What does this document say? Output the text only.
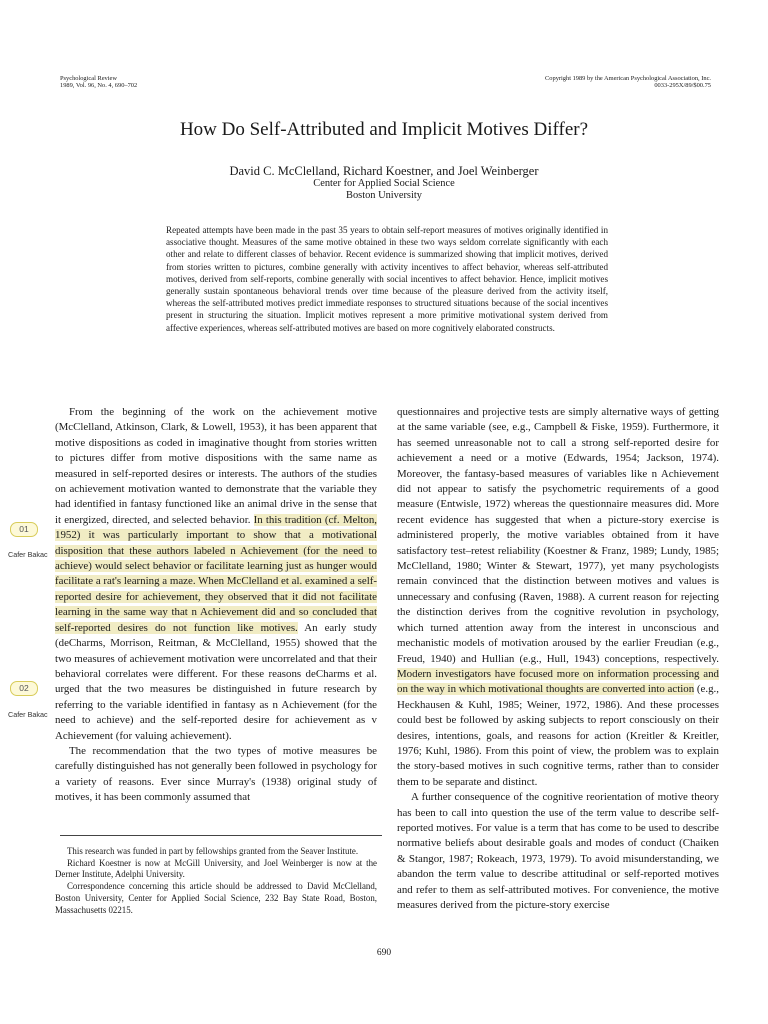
Psychological Review
1989, Vol. 96, No. 4, 690–702
Copyright 1989 by the American Psychological Association, Inc.
0033-295X/89/$00.75
How Do Self-Attributed and Implicit Motives Differ?
David C. McClelland, Richard Koestner, and Joel Weinberger
Center for Applied Social Science
Boston University

Repeated attempts have been made in the past 35 years to obtain self-report measures of motives originally identified in associative thought. Measures of the same motive obtained in these two ways seldom correlate significantly with each other and relate to different classes of behavior. Recent evidence is summarized showing that implicit motives, derived from stories written to pictures, combine generally with activity incentives to affect behavior, whereas self-attributed motives, derived from self-reports, combine generally with social incentives to affect behavior. Hence, implicit motives generally sustain spontaneous behavioral trends over time because of the pleasure derived from the activity itself, whereas the self-attributed motives predict immediate responses to structured situations because of the social incentives present in structuring the situation. Implicit motives represent a more primitive motivational system derived from affective experiences, whereas self-attributed motives are based on more cognitively elaborated constructs.

From the beginning of the work on the achievement motive (McClelland, Atkinson, Clark, & Lowell, 1953), it has been apparent that motive dispositions as coded in imaginative thought from stories written to pictures differ from motive dispositions with the same name as measured in self-reported desires or interests. The authors of the studies on achievement motivation wanted to demonstrate that the variable they had identified in fantasy functioned like an animal drive in the sense that it energized, directed, and selected behavior. In this tradition (cf. Melton, 1952) it was particularly important to show that a motivational disposition that these authors labeled n Achievement (for the need to achieve) would select behavior or facilitate learning just as hunger would facilitate a rat's learning a maze. When McClelland et al. examined a self-reported desire for achievement, they observed that it did not facilitate learning in the same way that n Achievement did and so concluded that self-reported desires do not function like motives. An early study (deCharms, Morrison, Reitman, & McClelland, 1955) showed that the two measures of achievement motivation were uncorrelated and that their behavioral correlates were different. For these reasons deCharms et al. urged that the two measures be distinguished in future research by referring to the variable identified in fantasy as n Achievement (for the need to achieve) and the self-reported desire for achievement as v Achievement (for valuing achievement).

The recommendation that the two types of motive measures be carefully distinguished has not generally been followed in psychology for a variety of reasons. Ever since Murray's (1938) original study of motives, it has been commonly assumed that

questionnaires and projective tests are simply alternative ways of getting at the same variable (see, e.g., Campbell & Fiske, 1959). Furthermore, it has seemed unreasonable not to call a strong self-reported desire for achievement a need or a motive (Edwards, 1954; Jackson, 1974). Moreover, the fantasy-based measures of variables like n Achievement did not appear to satisfy the psychometric requirements of a good measure (Entwisle, 1972) whereas the questionnaire measures did. More recent evidence has suggested that when a picture-story exercise is administered properly, the motive variables obtained from it have satisfactory test–retest reliability (Koestner & Franz, 1989; Lundy, 1985; McClelland, 1980; Winter & Stewart, 1977), yet many psychologists remain convinced that the distinction between motives and values is unnecessary and confusing (Raven, 1988). A current reason for rejecting the distinction derives from the cognitive revolution in psychology, which turned attention away from the interest in unconscious and mechanistic models of motivation aroused by the earlier Freudian (e.g., Freud, 1940) and Hullian (e.g., Hull, 1943) conceptions, respectively. Modern investigators have focused more on information processing and on the way in which motivational thoughts are converted into action (e.g., Heckhausen & Kuhl, 1985; Weiner, 1972, 1986). And these processes could best be followed by asking subjects to report consciously on their desires, intentions, goals, and reasons for action (Kreitler & Kreitler, 1976; Kuhl, 1986). From this point of view, the problem was to explain the story-based motives in such cognitive terms, rather than to consider them to be separate and distinct.

A further consequence of the cognitive reorientation of motive theory has been to call into question the use of the term value to describe self-reported motives. For value is a term that has come to be used to describe normative beliefs about desirable goals and modes of conduct (Chaiken & Stangor, 1987; Rokeach, 1973, 1979). To avoid misunderstanding, we abandon the term value to describe attitudinal or self-reported motives and refer to them as self-attributed motives. For convenience, the motive measures derived from the picture-story exercise

This research was funded in part by fellowships granted from the Seaver Institute.

Richard Koestner is now at McGill University, and Joel Weinberger is now at the Derner Institute, Adelphi University.

Correspondence concerning this article should be addressed to David McClelland, Boston University, Center for Applied Social Science, 232 Bay State Road, Boston, Massachusetts 02215.

690
01
Cafer Bakac
02
Cafer Bakac
